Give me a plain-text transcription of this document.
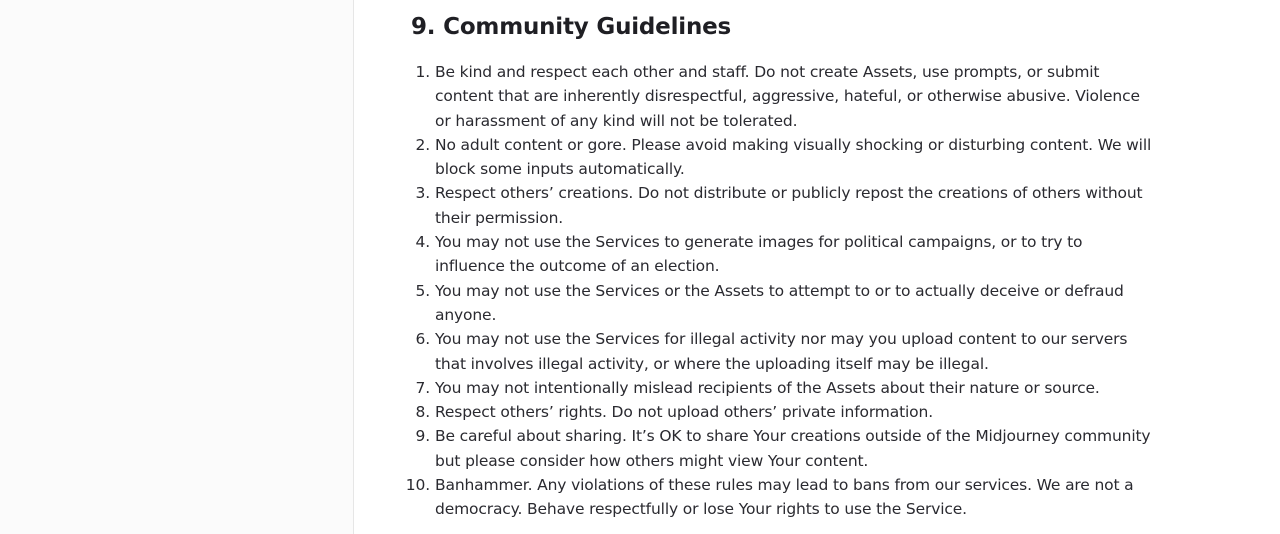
9. Community Guidelines
1. Be kind and respect each other and staff. Do not create Assets, use prompts, or submit content that are inherently disrespectful, aggressive, hateful, or otherwise abusive. Violence or harassment of any kind will not be tolerated.
2. No adult content or gore. Please avoid making visually shocking or disturbing content. We will block some inputs automatically.
3. Respect others’ creations. Do not distribute or publicly repost the creations of others without their permission.
4. You may not use the Services to generate images for political campaigns, or to try to influence the outcome of an election.
5. You may not use the Services or the Assets to attempt to or to actually deceive or defraud anyone.
6. You may not use the Services for illegal activity nor may you upload content to our servers that involves illegal activity, or where the uploading itself may be illegal.
7. You may not intentionally mislead recipients of the Assets about their nature or source.
8. Respect others’ rights. Do not upload others’ private information.
9. Be careful about sharing. It’s OK to share Your creations outside of the Midjourney community but please consider how others might view Your content.
10. Banhammer. Any violations of these rules may lead to bans from our services. We are not a democracy. Behave respectfully or lose Your rights to use the Service.
